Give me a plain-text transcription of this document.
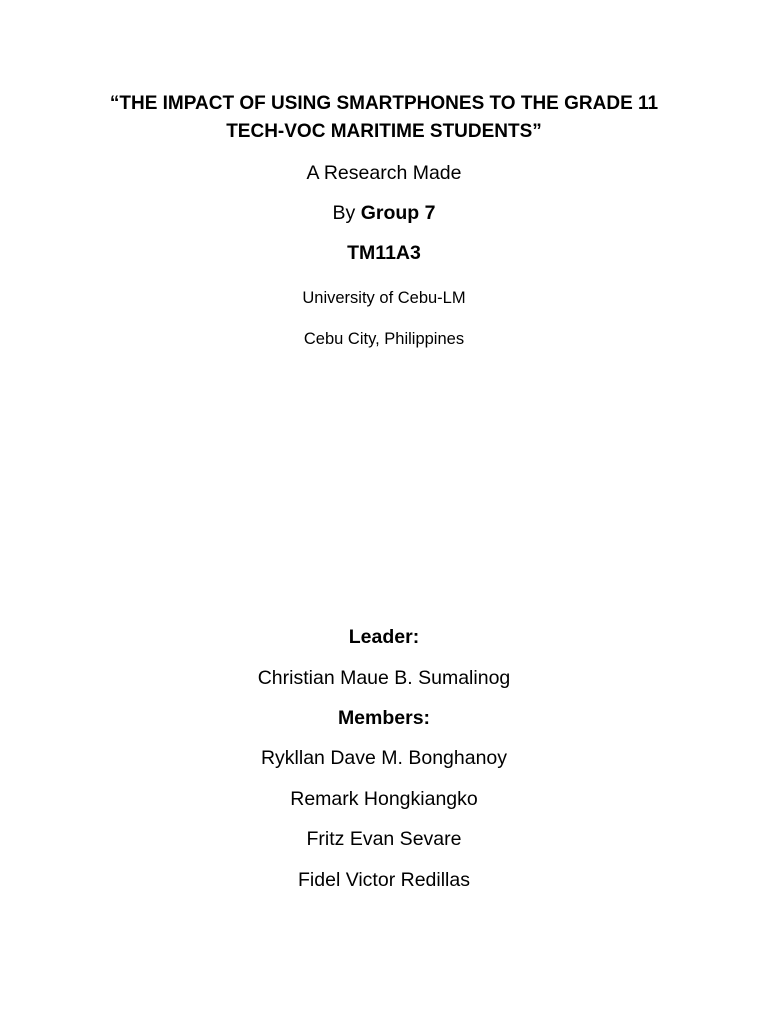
“THE IMPACT OF USING SMARTPHONES TO THE GRADE 11
TECH-VOC MARITIME STUDENTS”
A Research Made
By Group 7
TM11A3
University of Cebu-LM
Cebu City, Philippines
Leader:
Christian Maue B. Sumalinog
Members:
Rykllan Dave M. Bonghanoy
Remark Hongkiangko
Fritz Evan Sevare
Fidel Victor Redillas
